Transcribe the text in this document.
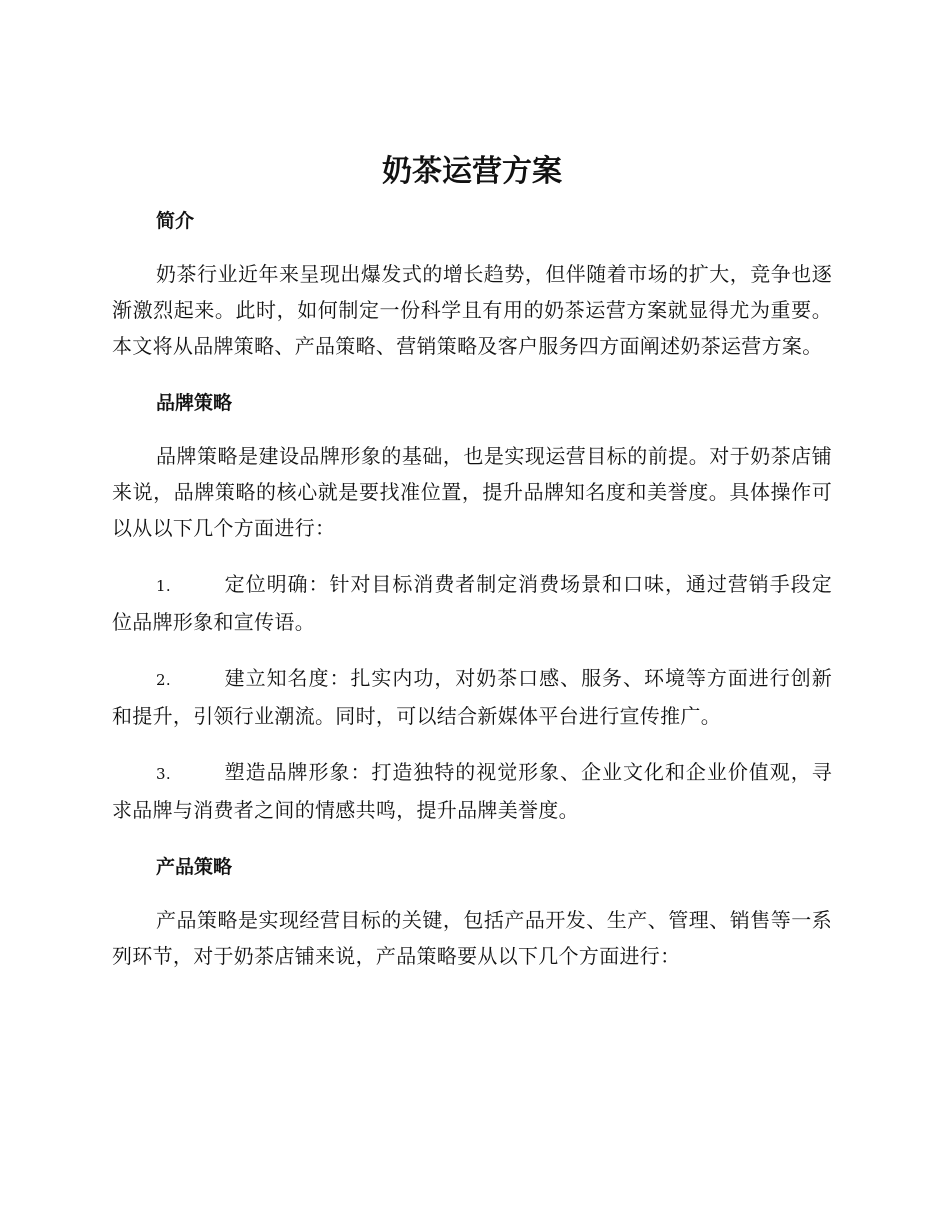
奶茶运营方案
简介

奶茶行业近年来呈现出爆发式的增长趋势，但伴随着市场的扩大，竞争也逐渐激烈起来。此时，如何制定一份科学且有用的奶茶运营方案就显得尤为重要。本文将从品牌策略、产品策略、营销策略及客户服务四方面阐述奶茶运营方案。

品牌策略

品牌策略是建设品牌形象的基础，也是实现运营目标的前提。对于奶茶店铺来说，品牌策略的核心就是要找准位置，提升品牌知名度和美誉度。具体操作可以从以下几个方面进行：

1.	定位明确：针对目标消费者制定消费场景和口味，通过营销手段定位品牌形象和宣传语。

2.	建立知名度：扎实内功，对奶茶口感、服务、环境等方面进行创新和提升，引领行业潮流。同时，可以结合新媒体平台进行宣传推广。

3.	塑造品牌形象：打造独特的视觉形象、企业文化和企业价值观，寻求品牌与消费者之间的情感共鸣，提升品牌美誉度。

产品策略

产品策略是实现经营目标的关键，包括产品开发、生产、管理、销售等一系列环节，对于奶茶店铺来说，产品策略要从以下几个方面进行：
